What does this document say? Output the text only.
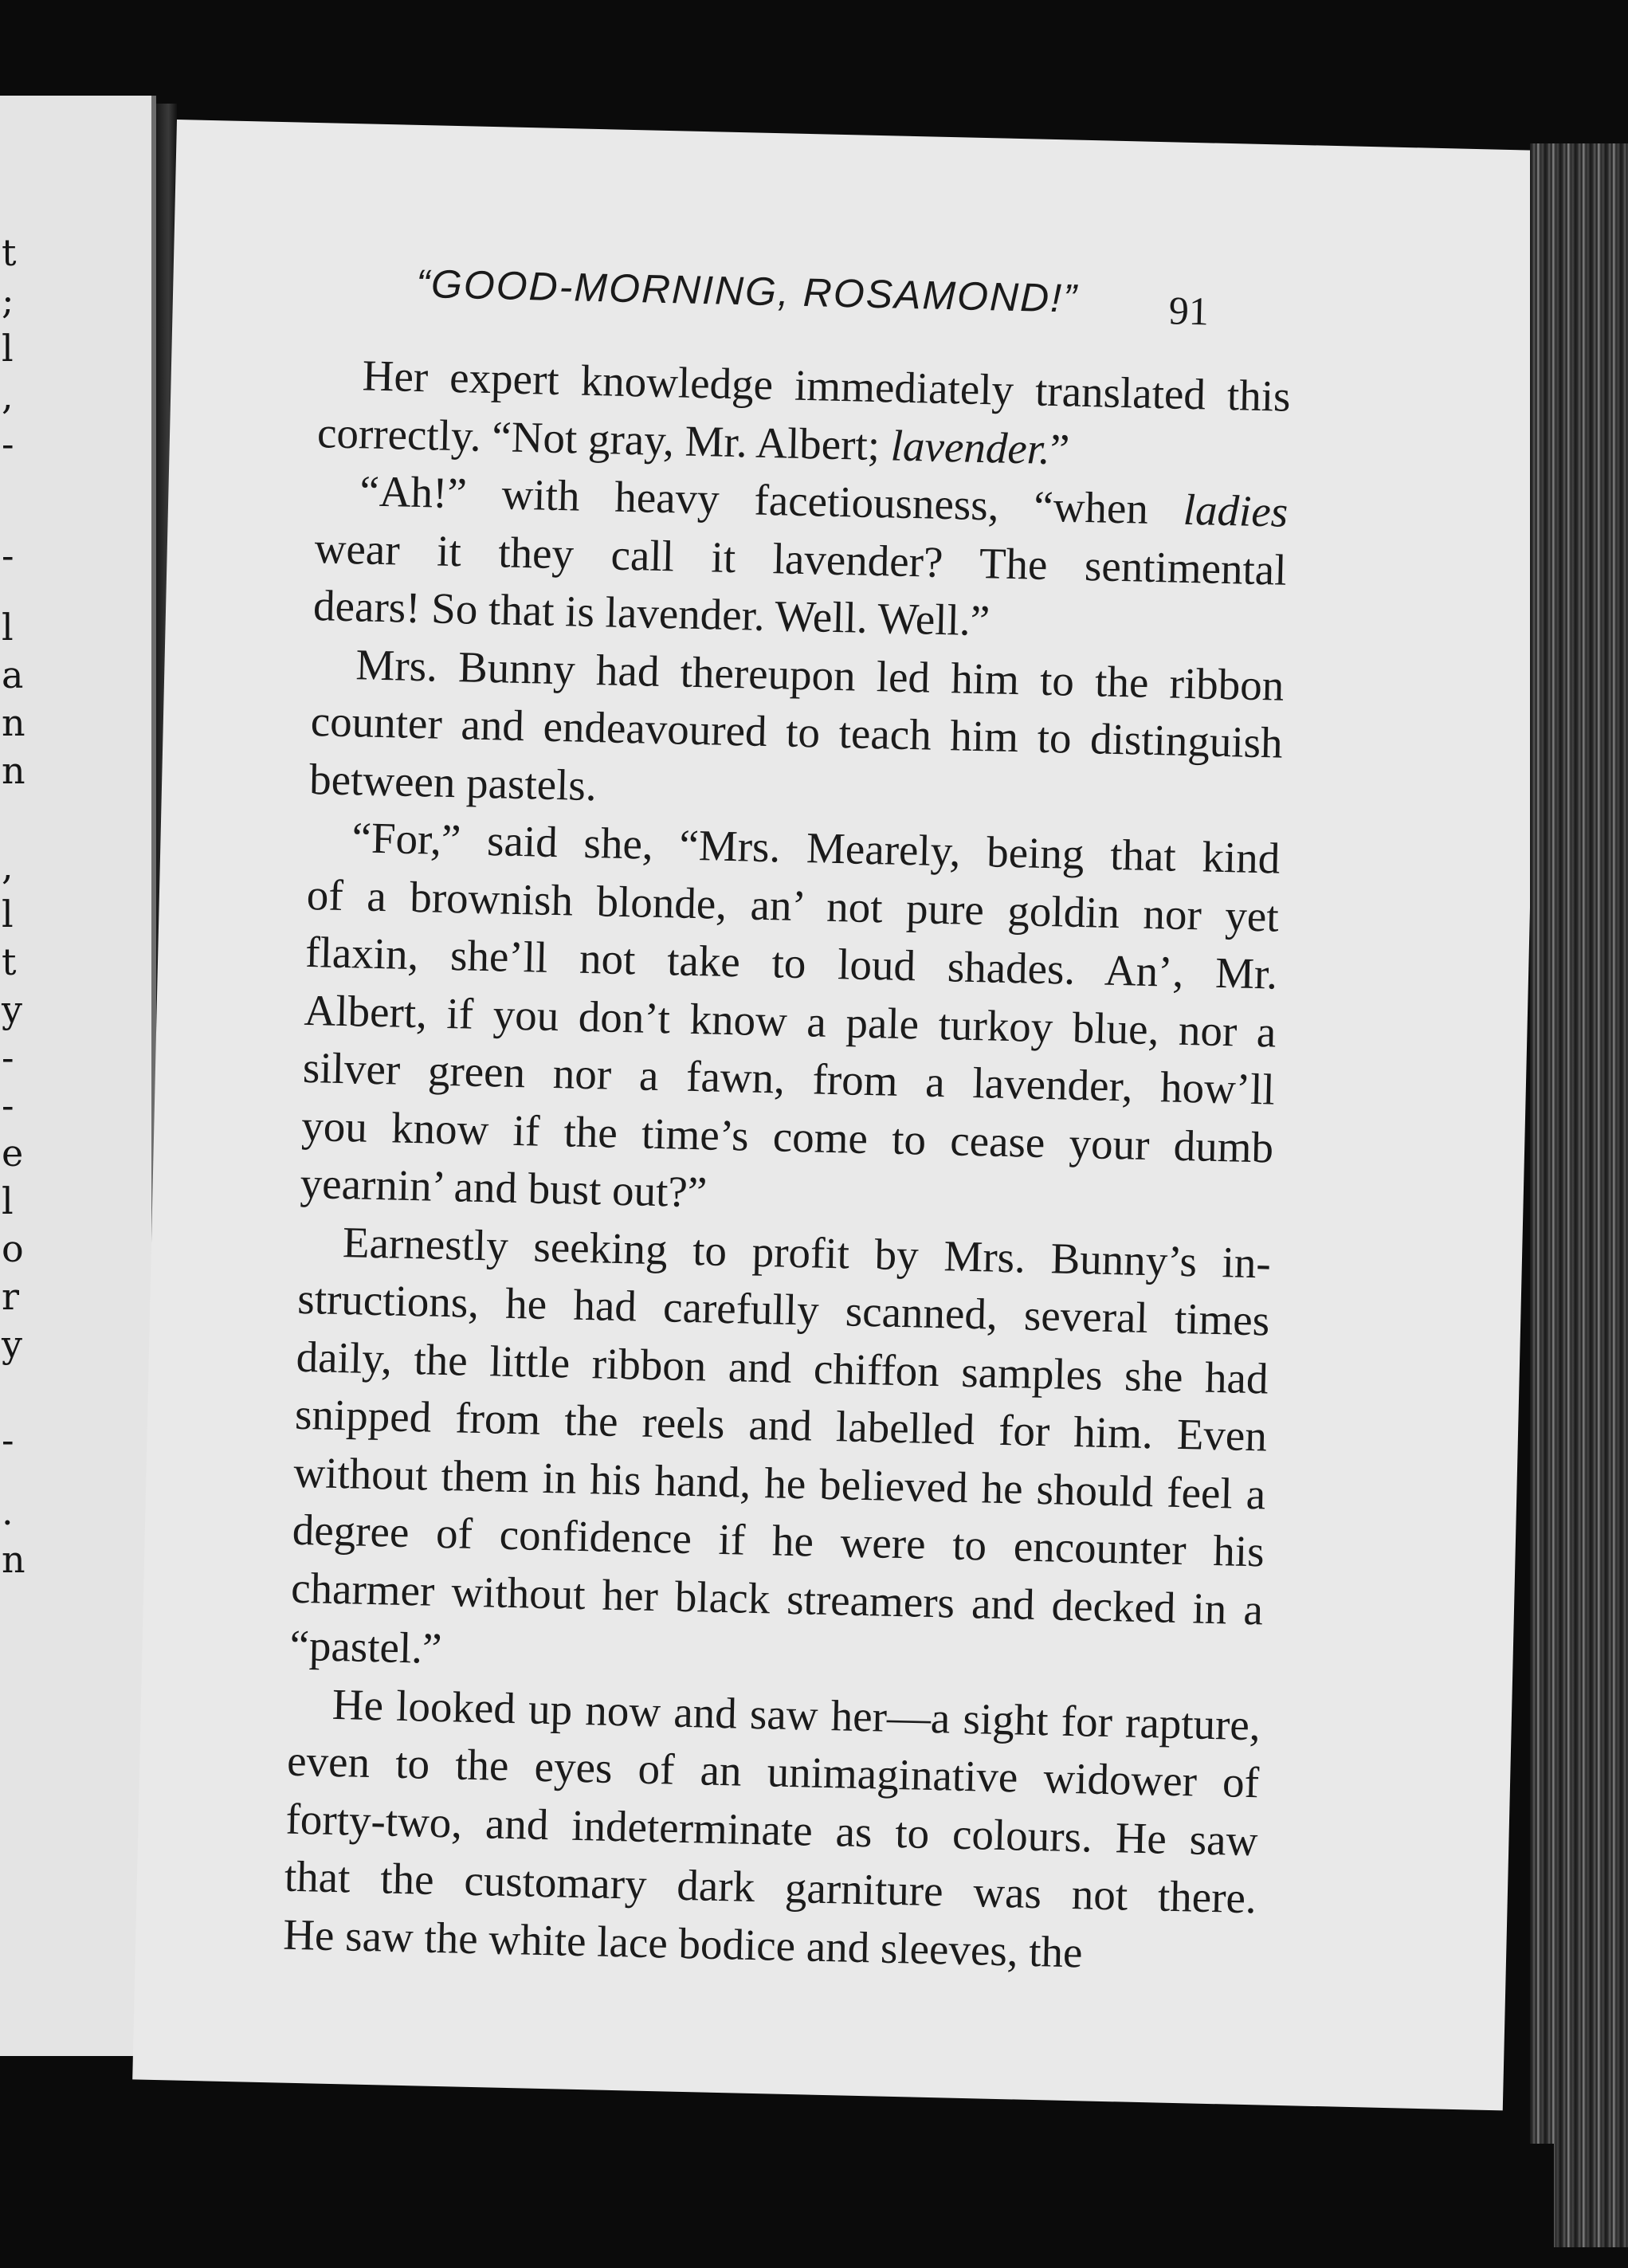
t
;
l
,
-
-
l
a
n
n
,
l
t
y
-
-
e
l
o
r
y
-
.
n
“GOOD-MORNING, ROSAMOND!” 91
Her expert knowledge immediately translated this
correctly. “Not gray, Mr. Albert; lavender.”
“Ah!” with heavy facetiousness, “when ladies
wear it they call it lavender? The sentimental
dears! So that is lavender. Well. Well.”
Mrs. Bunny had thereupon led him to the ribbon
counter and endeavoured to teach him to distinguish
between pastels.
“For,” said she, “Mrs. Mearely, being that kind
of a brownish blonde, an’ not pure goldin nor yet
flaxin, she’ll not take to loud shades. An’, Mr.
Albert, if you don’t know a pale turkoy blue, nor a
silver green nor a fawn, from a lavender, how’ll
you know if the time’s come to cease your dumb
yearnin’ and bust out?”
Earnestly seeking to profit by Mrs. Bunny’s in-
structions, he had carefully scanned, several times
daily, the little ribbon and chiffon samples she had
snipped from the reels and labelled for him. Even
without them in his hand, he believed he should feel a
degree of confidence if he were to encounter his
charmer without her black streamers and decked in a
“pastel.”
He looked up now and saw her—a sight for rapture,
even to the eyes of an unimaginative widower of
forty-two, and indeterminate as to colours. He saw
that the customary dark garniture was not there.
He saw the white lace bodice and sleeves, the
